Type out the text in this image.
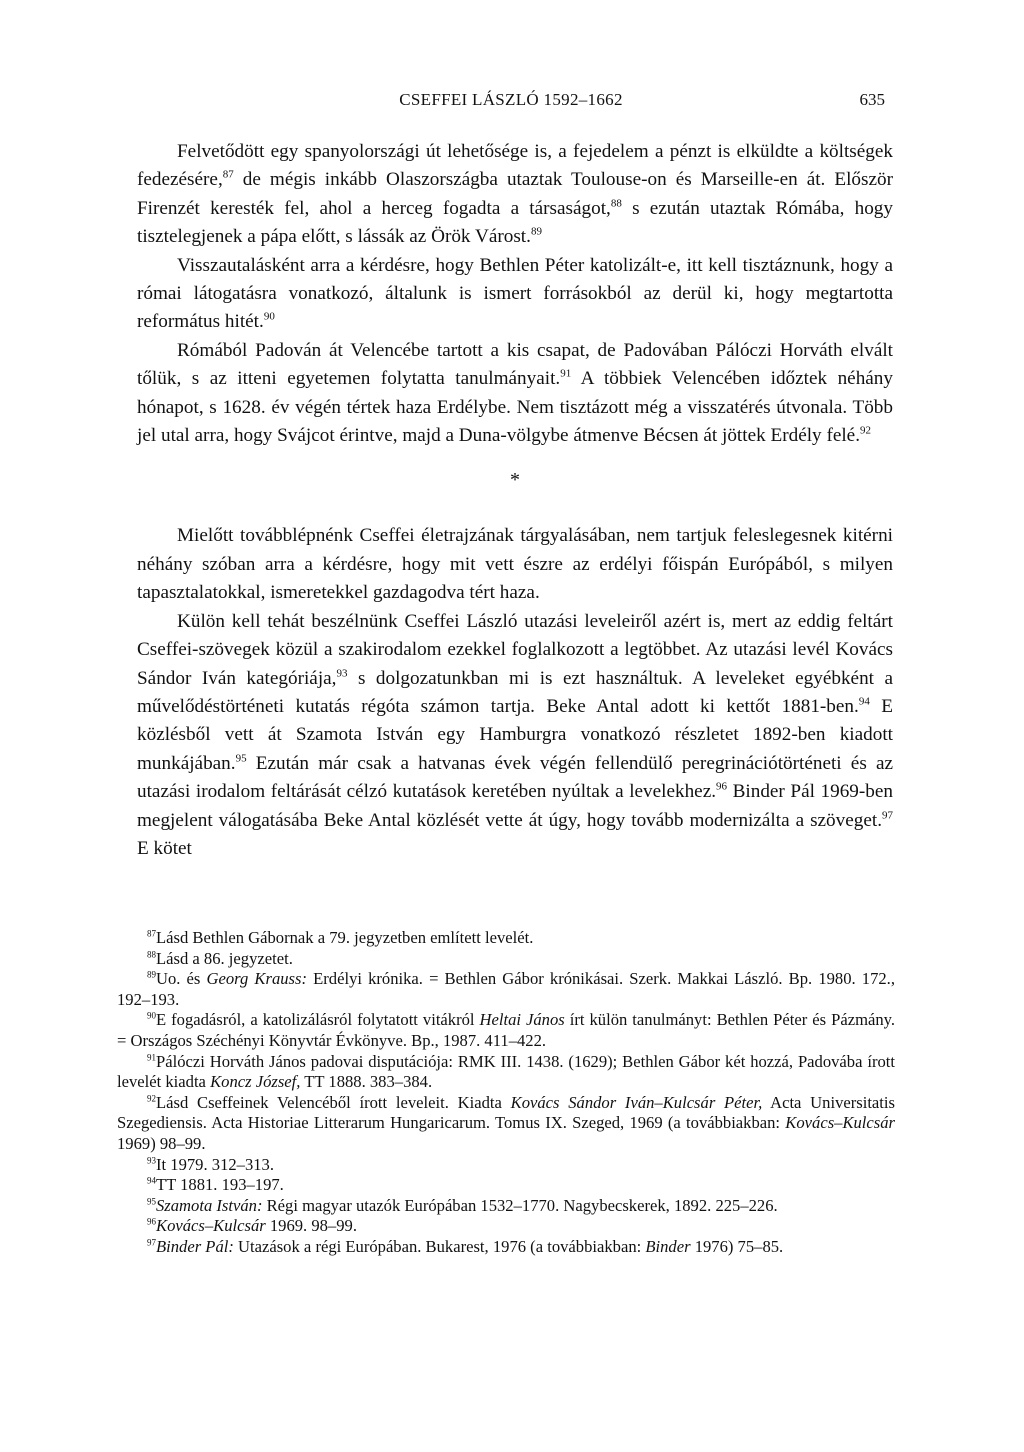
CSEFFEI LÁSZLÓ 1592–1662	635

Felvetődött egy spanyolországi út lehetősége is, a fejedelem a pénzt is elküldte a költségek fedezésére,$^{87}$ de mégis inkább Olaszországba utaztak Toulouse-on és Marseille-en át. Először Firenzét keresték fel, ahol a herceg fogadta a társaságot,$^{88}$ s ezután utaztak Rómába, hogy tisztelegjenek a pápa előtt, s lássák az Örök Várost.$^{89}$

Visszautalásként arra a kérdésre, hogy Bethlen Péter katolizált-e, itt kell tisztáznunk, hogy a római látogatásra vonatkozó, általunk is ismert forrásokból az derül ki, hogy megtartotta református hitét.$^{90}$

Rómából Padován át Velencébe tartott a kis csapat, de Padovában Pálóczi Horváth elvált tőlük, s az itteni egyetemen folytatta tanulmányait.$^{91}$ A többiek Velencében időztek néhány hónapot, s 1628. év végén tértek haza Erdélybe. Nem tisztázott még a visszatérés útvonala. Több jel utal arra, hogy Svájcot érintve, majd a Duna-völgybe átmenve Bécsen át jöttek Erdély felé.$^{92}$

*

Mielőtt továbblépnénk Cseffei életrajzának tárgyalásában, nem tartjuk feleslegesnek kitérni néhány szóban arra a kérdésre, hogy mit vett észre az erdélyi főispán Európából, s milyen tapasztalatokkal, ismeretekkel gazdagodva tért haza.

Külön kell tehát beszélnünk Cseffei László utazási leveleiről azért is, mert az eddig feltárt Cseffei-szövegek közül a szakirodalom ezekkel foglalkozott a legtöbbet. Az utazási levél Kovács Sándor Iván kategóriája,$^{93}$ s dolgozatunkban mi is ezt használtuk. A leveleket egyébként a művelődéstörténeti kutatás régóta számon tartja. Beke Antal adott ki kettőt 1881-ben.$^{94}$ E közlésből vett át Szamota István egy Hamburgra vonatkozó részletet 1892-ben kiadott munkájában.$^{95}$ Ezután már csak a hatvanas évek végén fellendülő peregrinációtörténeti és az utazási irodalom feltárását célzó kutatások keretében nyúltak a levelekhez.$^{96}$ Binder Pál 1969-ben megjelent válogatásába Beke Antal közlését vette át úgy, hogy tovább modernizálta a szöveget.$^{97}$ E kötet

$^{87}$Lásd Bethlen Gábornak a 79. jegyzetben említett levelét.

$^{88}$Lásd a 86. jegyzetet.

$^{89}$Uo. és Georg Krauss: Erdélyi krónika. = Bethlen Gábor krónikásai. Szerk. Makkai László. Bp. 1980. 172., 192–193.

$^{90}$E fogadásról, a katolizálásról folytatott vitákról Heltai János írt külön tanulmányt: Bethlen Péter és Pázmány. = Országos Széchényi Könyvtár Évkönyve. Bp., 1987. 411–422.

$^{91}$Pálóczi Horváth János padovai disputációja: RMK III. 1438. (1629); Bethlen Gábor két hozzá, Padovába írott levelét kiadta Koncz József, TT 1888. 383–384.

$^{92}$Lásd Cseffeinek Velencéből írott leveleit. Kiadta Kovács Sándor Iván–Kulcsár Péter, Acta Universitatis Szegediensis. Acta Historiae Litterarum Hungaricarum. Tomus IX. Szeged, 1969 (a továbbiakban: Kovács–Kulcsár 1969) 98–99.

$^{93}$It 1979. 312–313.

$^{94}$TT 1881. 193–197.

$^{95}$Szamota István: Régi magyar utazók Európában 1532–1770. Nagybecskerek, 1892. 225–226.

$^{96}$Kovács–Kulcsár 1969. 98–99.

$^{97}$Binder Pál: Utazások a régi Európában. Bukarest, 1976 (a továbbiakban: Binder 1976) 75–85.
